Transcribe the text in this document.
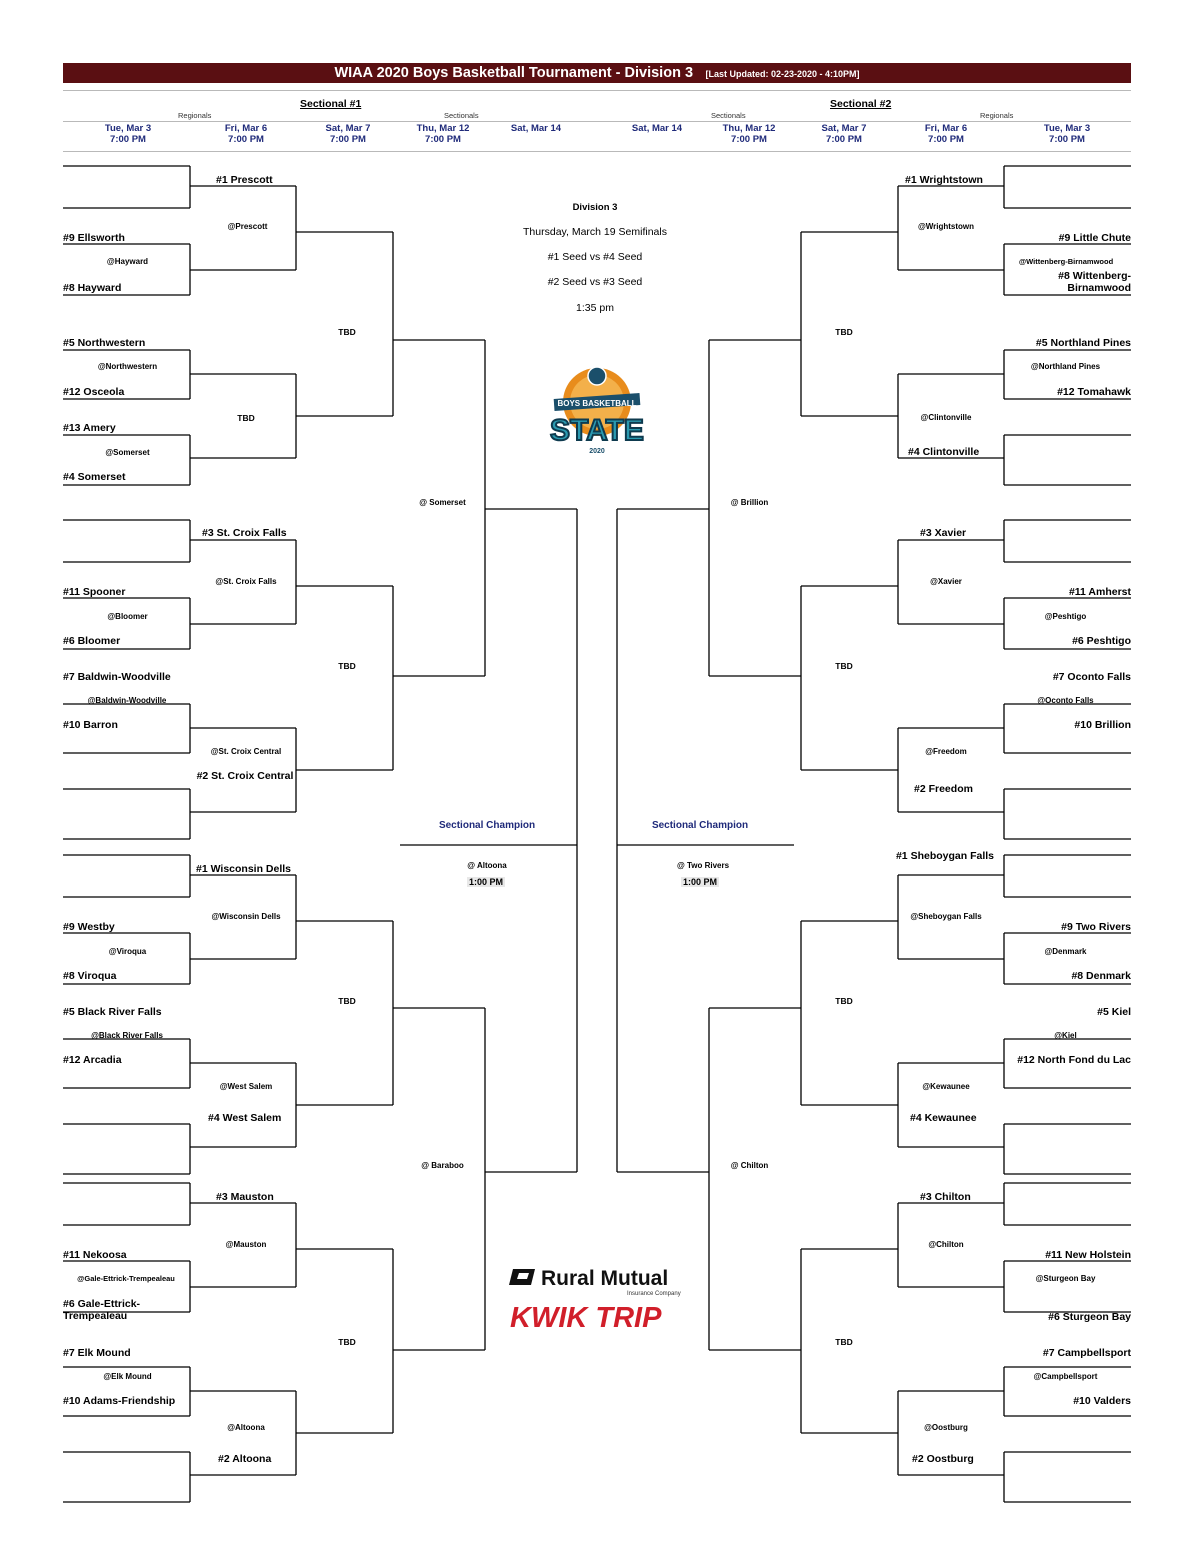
WIAA 2020 Boys Basketball Tournament - Division 3 [Last Updated: 02-23-2020 - 4:10PM]
Sectional #1	Sectional #2
Regionals	Sectionals	Sectionals	Regionals
Tue, Mar 3
7:00 PM
Fri, Mar 6
7:00 PM
Sat, Mar 7
7:00 PM
Thu, Mar 12
7:00 PM
Sat, Mar 14	Sat, Mar 14	Thu, Mar 12
7:00 PM
Sat, Mar 7
7:00 PM
Fri, Mar 6
7:00 PM
Tue, Mar 3
7:00 PM
Division 3
Thursday, March 19 Semifinals
#1 Seed vs #4 Seed
#2 Seed vs #3 Seed
1:35 pm
BOYS BASKETBALL
STATE
2020
Rural Mutual
Insurance Company
KWIK TRIP
#1 Prescott
@Prescott
#9 Ellsworth
@Hayward
#8 Hayward
#5 Northwestern
@Northwestern
#12 Osceola
TBD
#13 Amery
@Somerset
#4 Somerset
#3 St. Croix Falls
@St. Croix Falls
#11 Spooner
@Bloomer
#6 Bloomer
#7 Baldwin-Woodville
@Baldwin-Woodville
#10 Barron
@St. Croix Central
#2 St. Croix Central
#1 Wisconsin Dells
@Wisconsin Dells
#9 Westby
@Viroqua
#8 Viroqua
#5 Black River Falls
@Black River Falls
#12 Arcadia
@West Salem
#4 West Salem
#3 Mauston
@Mauston
#11 Nekoosa
@Gale-Ettrick-Trempealeau
#6 Gale-Ettrick-Trempealeau
#7 Elk Mound
@Elk Mound
#10 Adams-Friendship
@Altoona
#2 Altoona
TBD
TBD
TBD
TBD
@ Somerset
@ Baraboo
Sectional Champion
@ Altoona
1:00 PM
#1 Wrightstown
@Wrightstown
#9 Little Chute
@Wittenberg-Birnamwood
#8 Wittenberg-Birnamwood
#5 Northland Pines
@Northland Pines
#12 Tomahawk
@Clintonville
#4 Clintonville
#3 Xavier
@Xavier
#11 Amherst
@Peshtigo
#6 Peshtigo
#7 Oconto Falls
@Oconto Falls
#10 Brillion
@Freedom
#2 Freedom
#1 Sheboygan Falls
@Sheboygan Falls
#9 Two Rivers
@Denmark
#8 Denmark
#5 Kiel
@Kiel
#12 North Fond du Lac
@Kewaunee
#4 Kewaunee
#3 Chilton
@Chilton
#11 New Holstein
@Sturgeon Bay
#6 Sturgeon Bay
#7 Campbellsport
@Campbellsport
#10 Valders
@Oostburg
#2 Oostburg
TBD
TBD
TBD
TBD
@ Brillion
@ Chilton
Sectional Champion
@ Two Rivers
1:00 PM
